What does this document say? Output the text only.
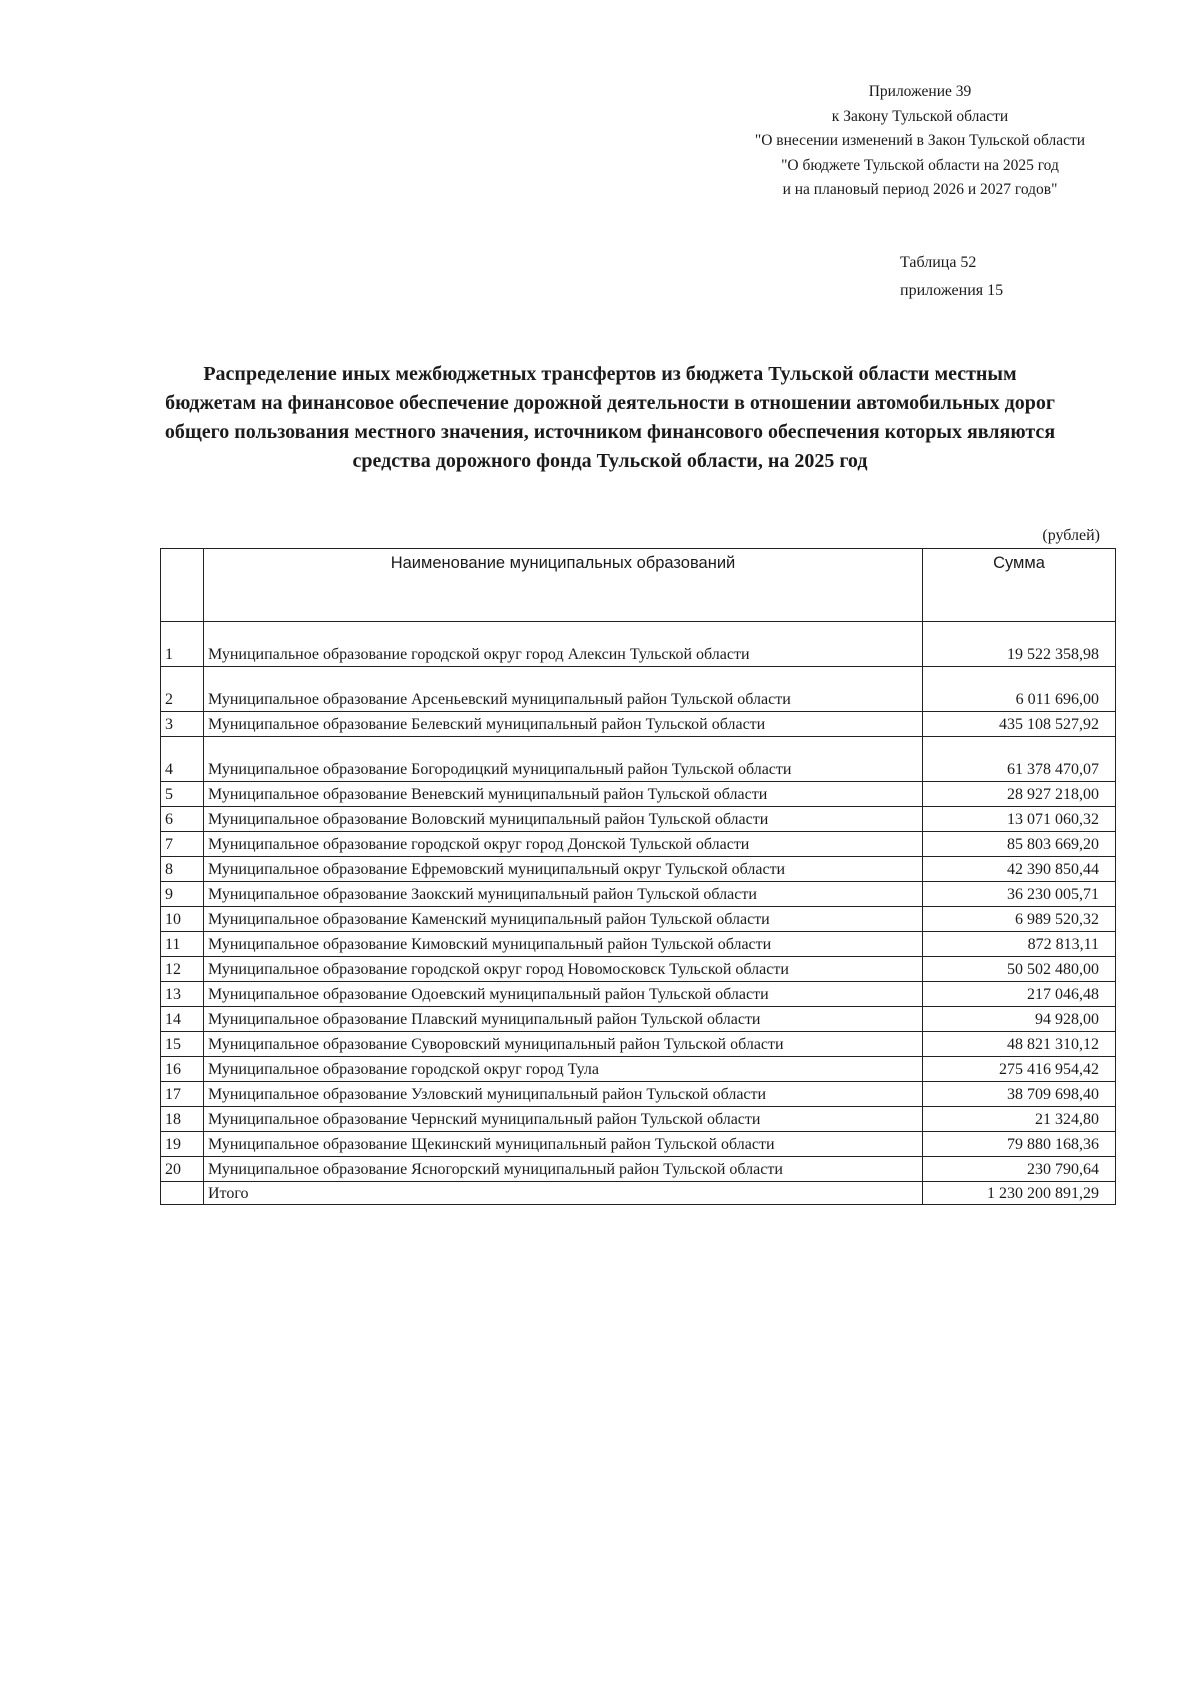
Приложение 39
к Закону Тульской области
"О внесении изменений в Закон Тульской области
"О бюджете Тульской области на 2025 год
и на плановый период 2026 и 2027 годов"
Таблица 52
приложения 15
Распределение иных межбюджетных трансфертов из бюджета Тульской области местным
бюджетам на финансовое обеспечение дорожной деятельности в отношении автомобильных дорог
общего пользования местного значения, источником финансового обеспечения которых являются
средства дорожного фонда Тульской области, на 2025 год
(рублей)
	Наименование муниципальных образований	Сумма
1	Муниципальное образование городской округ город Алексин Тульской области	19 522 358,98
2	Муниципальное образование Арсеньевский муниципальный район Тульской области	6 011 696,00
3	Муниципальное образование Белевский муниципальный район Тульской области	435 108 527,92
4	Муниципальное образование Богородицкий муниципальный район Тульской области	61 378 470,07
5	Муниципальное образование Веневский муниципальный район Тульской области	28 927 218,00
6	Муниципальное образование Воловский муниципальный район Тульской области	13 071 060,32
7	Муниципальное образование городской округ город Донской Тульской области	85 803 669,20
8	Муниципальное образование Ефремовский муниципальный округ Тульской области	42 390 850,44
9	Муниципальное образование Заокский муниципальный район Тульской области	36 230 005,71
10	Муниципальное образование Каменский муниципальный район Тульской области	6 989 520,32
11	Муниципальное образование Кимовский муниципальный район Тульской области	872 813,11
12	Муниципальное образование городской округ город Новомосковск Тульской области	50 502 480,00
13	Муниципальное образование Одоевский муниципальный район Тульской области	217 046,48
14	Муниципальное образование Плавский муниципальный район Тульской области	94 928,00
15	Муниципальное образование Суворовский муниципальный район Тульской области	48 821 310,12
16	Муниципальное образование городской округ город Тула	275 416 954,42
17	Муниципальное образование Узловский муниципальный район Тульской области	38 709 698,40
18	Муниципальное образование Чернский муниципальный район Тульской области	21 324,80
19	Муниципальное образование Щекинский муниципальный район Тульской области	79 880 168,36
20	Муниципальное образование Ясногорский муниципальный район Тульской области	230 790,64
	Итого	1 230 200 891,29
